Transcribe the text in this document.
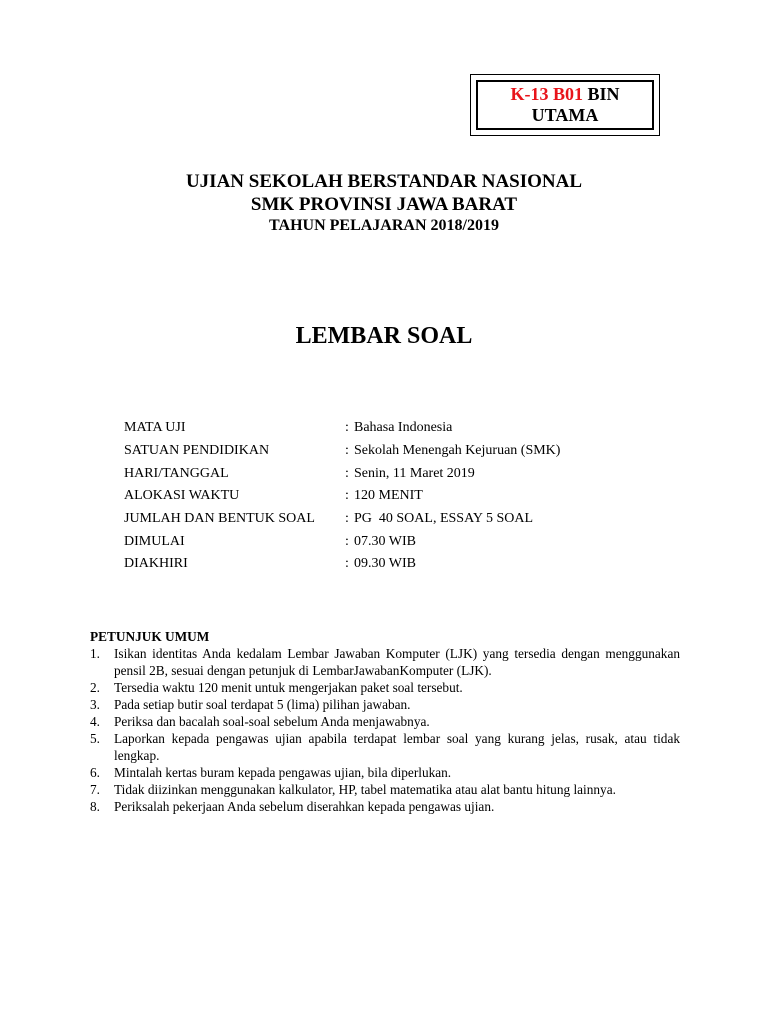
K-13 B01 BIN
UTAMA
UJIAN SEKOLAH BERSTANDAR NASIONAL
SMK PROVINSI JAWA BARAT
TAHUN PELAJARAN 2018/2019
LEMBAR SOAL
MATA UJI	: Bahasa Indonesia
SATUAN PENDIDIKAN	: Sekolah Menengah Kejuruan (SMK)
HARI/TANGGAL	: Senin, 11 Maret 2019
ALOKASI WAKTU	: 120 MENIT
JUMLAH DAN BENTUK SOAL	: PG  40 SOAL, ESSAY 5 SOAL
DIMULAI	: 07.30 WIB
DIAKHIRI	: 09.30 WIB
PETUNJUK UMUM
1.	Isikan identitas Anda kedalam Lembar Jawaban Komputer (LJK) yang tersedia dengan menggunakan pensil 2B, sesuai dengan petunjuk di LembarJawabanKomputer (LJK).
2.	Tersedia waktu 120 menit untuk mengerjakan paket soal tersebut.
3.	Pada setiap butir soal terdapat 5 (lima) pilihan jawaban.
4.	Periksa dan bacalah soal-soal sebelum Anda menjawabnya.
5.	Laporkan kepada pengawas ujian apabila terdapat lembar soal yang kurang jelas, rusak, atau tidak lengkap.
6.	Mintalah kertas buram kepada pengawas ujian, bila diperlukan.
7.	Tidak diizinkan menggunakan kalkulator, HP, tabel matematika atau alat bantu hitung lainnya.
8.	Periksalah pekerjaan Anda sebelum diserahkan kepada pengawas ujian.
